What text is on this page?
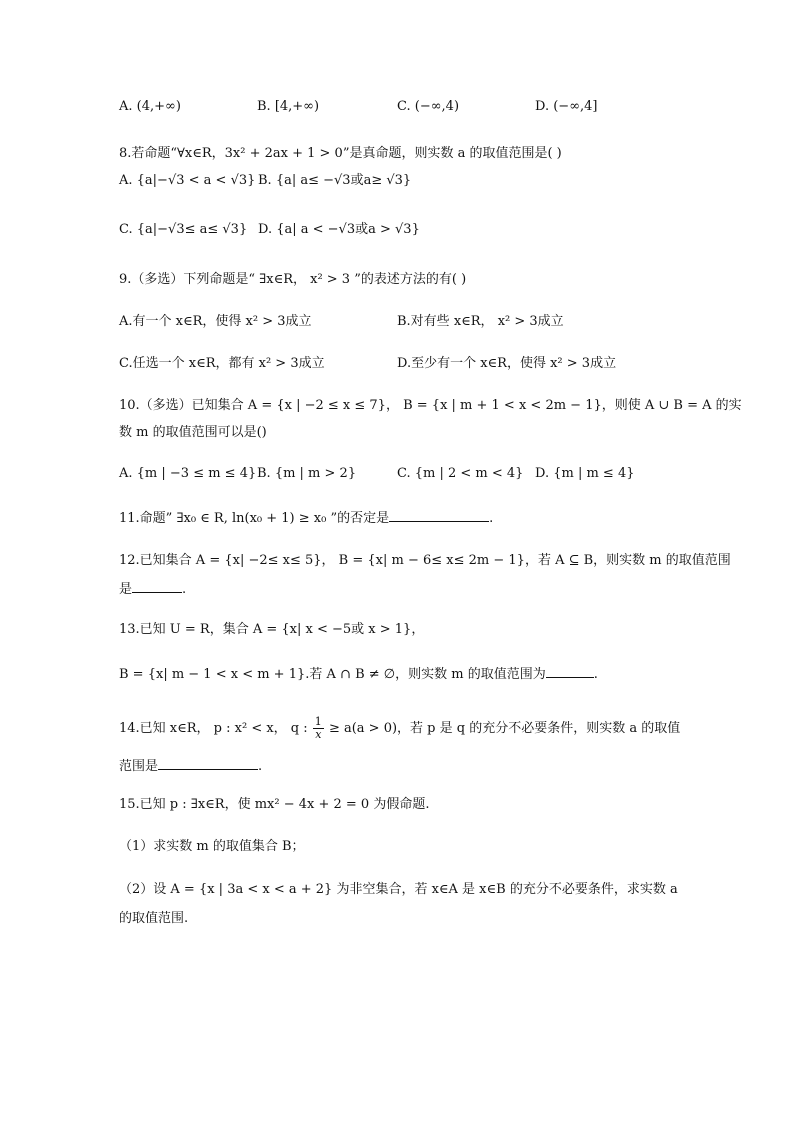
A. (4,+∞)	B. [4,+∞)	C. (−∞,4)	D. (−∞,4]
8.若命题“∀x∈R，3x² + 2ax + 1 > 0”是真命题，则实数 a 的取值范围是( )
A. {a|−√3 < a < √3} B. {a| a≤ −√3或a≥ √3}
C. {a|−√3≤ a≤ √3} D. {a| a < −√3或a > √3}
9.（多选）下列命题是“ ∃x∈R， x² > 3 ”的表述方法的有( )
A.有一个 x∈R，使得 x² > 3成立	B.对有些 x∈R， x² > 3成立
C.任选一个 x∈R，都有 x² > 3成立	D.至少有一个 x∈R，使得 x² > 3成立
10.（多选）已知集合 A = {x | −2 ≤ x ≤ 7}， B = {x | m + 1 < x < 2m − 1}，则使 A ∪ B = A 的实
数 m 的取值范围可以是()
A. {m | −3 ≤ m ≤ 4} B. {m | m > 2}	C. {m | 2 < m < 4} D. {m | m ≤ 4}
11.命题” ∃x₀ ∈ R, ln(x₀ + 1) ≥ x₀ ”的否定是	.
12.已知集合 A = {x| −2≤ x≤ 5}， B = {x| m − 6≤ x≤ 2m − 1}，若 A ⊆ B，则实数 m 的取值范围
是	.
13.已知 U = R，集合 A = {x| x < −5或 x > 1}，
B = {x| m − 1 < x < m + 1}.若 A ∩ B ≠ ∅，则实数 m 的取值范围为	.
14.已知 x∈R， p : x² < x， q : $\frac{1}{x} \ge a(a > 0)$，若 p 是 q 的充分不必要条件，则实数 a 的取值
范围是	.
15.已知 p : ∃x∈R，使 mx² − 4x + 2 = 0 为假命题.
（1）求实数 m 的取值集合 B；
（2）设 A = {x | 3a < x < a + 2} 为非空集合，若 x∈A 是 x∈B 的充分不必要条件，求实数 a
的取值范围.
